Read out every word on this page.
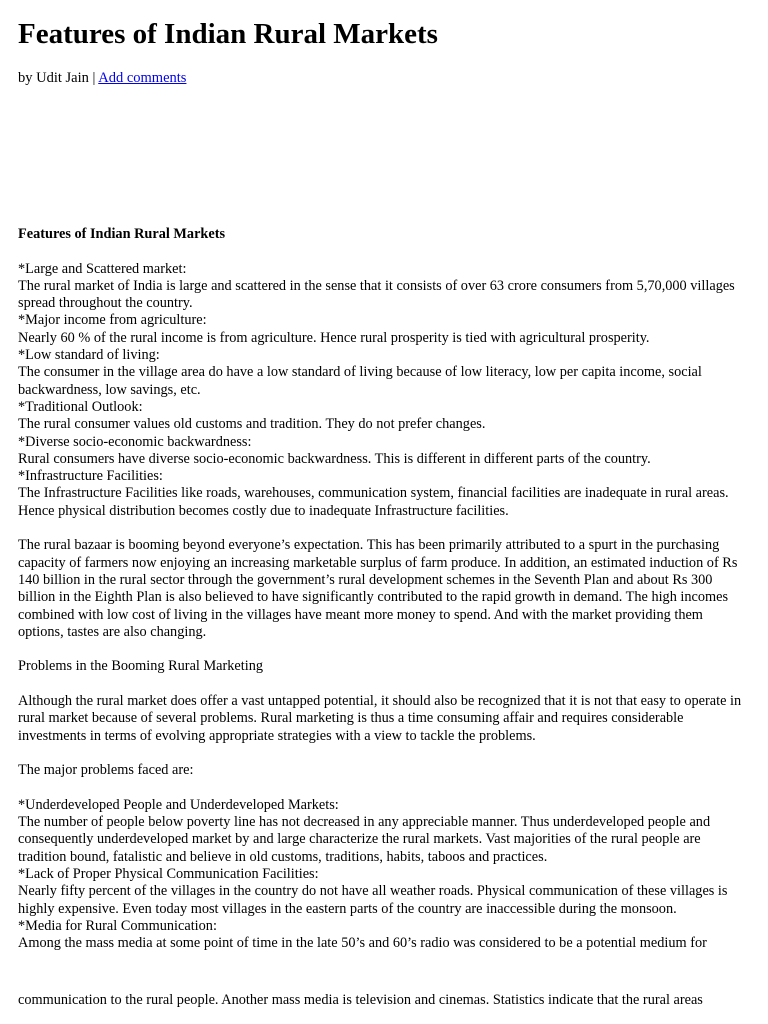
Features of Indian Rural Markets
by Udit Jain | Add comments

Features of Indian Rural Markets

*Large and Scattered market:

The rural market of India is large and scattered in the sense that it consists of over 63 crore consumers from 5,70,000 villages spread throughout the country.

*Major income from agriculture:

Nearly 60 % of the rural income is from agriculture. Hence rural prosperity is tied with agricultural prosperity.

*Low standard of living:

The consumer in the village area do have a low standard of living because of low literacy, low per capita income, social backwardness, low savings, etc.

*Traditional Outlook:

The rural consumer values old customs and tradition. They do not prefer changes.

*Diverse socio-economic backwardness:

Rural consumers have diverse socio-economic backwardness. This is different in different parts of the country.

*Infrastructure Facilities:

The Infrastructure Facilities like roads, warehouses, communication system, financial facilities are inadequate in rural areas. Hence physical distribution becomes costly due to inadequate Infrastructure facilities.

The rural bazaar is booming beyond everyone’s expectation. This has been primarily attributed to a spurt in the purchasing capacity of farmers now enjoying an increasing marketable surplus of farm produce. In addition, an estimated induction of Rs 140 billion in the rural sector through the government’s rural development schemes in the Seventh Plan and about Rs 300 billion in the Eighth Plan is also believed to have significantly contributed to the rapid growth in demand. The high incomes combined with low cost of living in the villages have meant more money to spend. And with the market providing them options, tastes are also changing.

Problems in the Booming Rural Marketing

Although the rural market does offer a vast untapped potential, it should also be recognized that it is not that easy to operate in rural market because of several problems. Rural marketing is thus a time consuming affair and requires considerable investments in terms of evolving appropriate strategies with a view to tackle the problems.

The major problems faced are:

*Underdeveloped People and Underdeveloped Markets:

The number of people below poverty line has not decreased in any appreciable manner. Thus underdeveloped people and consequently underdeveloped market by and large characterize the rural markets. Vast majorities of the rural people are tradition bound, fatalistic and believe in old customs, traditions, habits, taboos and practices.

*Lack of Proper Physical Communication Facilities:

Nearly fifty percent of the villages in the country do not have all weather roads. Physical communication of these villages is highly expensive. Even today most villages in the eastern parts of the country are inaccessible during the monsoon.

*Media for Rural Communication:

Among the mass media at some point of time in the late 50’s and 60’s radio was considered to be a potential medium for

communication to the rural people. Another mass media is television and cinemas. Statistics indicate that the rural areas
